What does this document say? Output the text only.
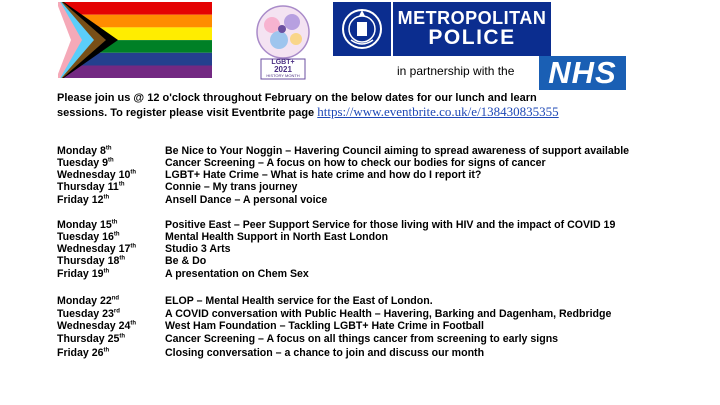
LGBT+
2021
HISTORY MONTH
METROPOLITAN
POLICE
in partnership with the NHS
Please join us @ 12 o'clock throughout February on the below dates for our lunch and learn
sessions. To register please visit Eventbrite page https://www.eventbrite.co.uk/e/138430835355
Monday 8th	Be Nice to Your Noggin – Havering Council aiming to spread awareness of support available
Tuesday 9th	Cancer Screening – A focus on how to check our bodies for signs of cancer
Wednesday 10th	LGBT+ Hate Crime – What is hate crime and how do I report it?
Thursday 11th	Connie – My trans journey
Friday 12th	Ansell Dance – A personal voice
Monday 15th	Positive East – Peer Support Service for those living with HIV and the impact of COVID 19
Tuesday 16th	Mental Health Support in North East London
Wednesday 17th	Studio 3 Arts
Thursday 18th	Be & Do
Friday 19th	A presentation on Chem Sex
Monday 22nd	ELOP – Mental Health service for the East of London.
Tuesday 23rd	A COVID conversation with Public Health – Havering, Barking and Dagenham, Redbridge
Wednesday 24th	West Ham Foundation – Tackling LGBT+ Hate Crime in Football
Thursday 25th	Cancer Screening – A focus on all things cancer from screening to early signs
Friday 26th	Closing conversation – a chance to join and discuss our month
